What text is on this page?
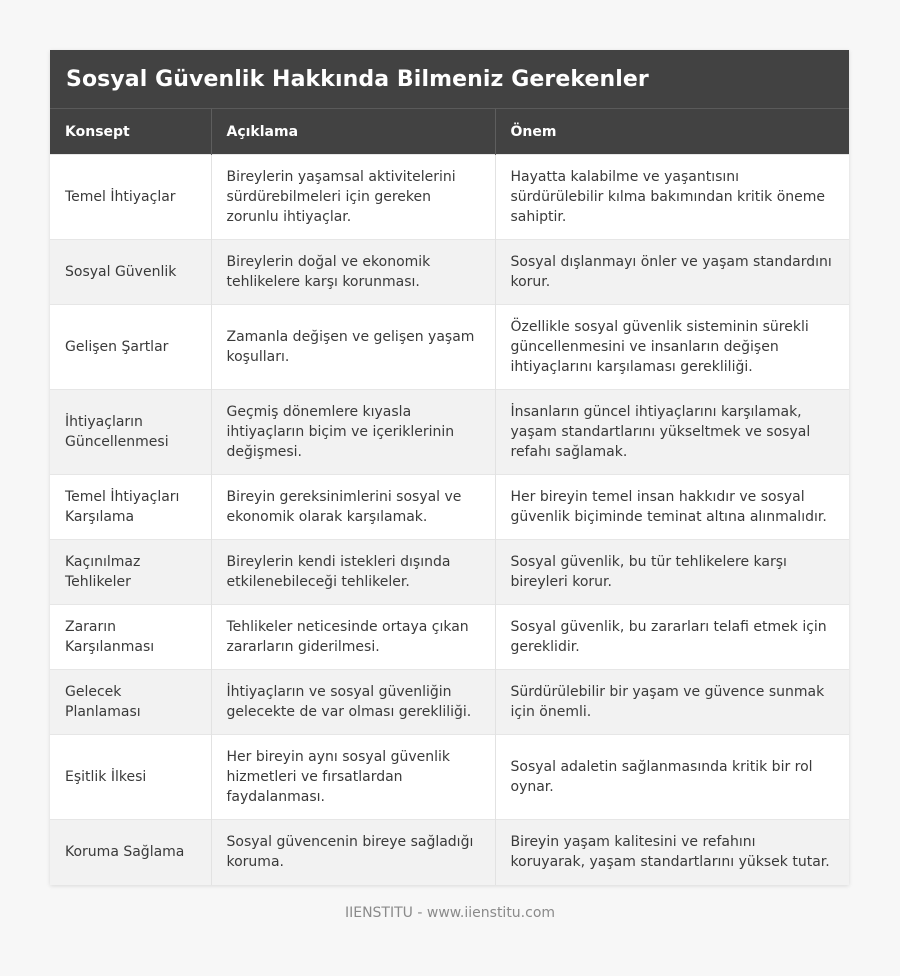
Sosyal Güvenlik Hakkında Bilmeniz Gerekenler
Konsept	Açıklama	Önem
Temel İhtiyaçlar	Bireylerin yaşamsal aktivitelerini sürdürebilmeleri için gereken zorunlu ihtiyaçlar.	Hayatta kalabilme ve yaşantısını sürdürülebilir kılma bakımından kritik öneme sahiptir.
Sosyal Güvenlik	Bireylerin doğal ve ekonomik tehlikelere karşı korunması.	Sosyal dışlanmayı önler ve yaşam standardını korur.
Gelişen Şartlar	Zamanla değişen ve gelişen yaşam koşulları.	Özellikle sosyal güvenlik sisteminin sürekli güncellenmesini ve insanların değişen ihtiyaçlarını karşılaması gerekliliği.
İhtiyaçların Güncellenmesi	Geçmiş dönemlere kıyasla ihtiyaçların biçim ve içeriklerinin değişmesi.	İnsanların güncel ihtiyaçlarını karşılamak, yaşam standartlarını yükseltmek ve sosyal refahı sağlamak.
Temel İhtiyaçları Karşılama	Bireyin gereksinimlerini sosyal ve ekonomik olarak karşılamak.	Her bireyin temel insan hakkıdır ve sosyal güvenlik biçiminde teminat altına alınmalıdır.
Kaçınılmaz Tehlikeler	Bireylerin kendi istekleri dışında etkilenebileceği tehlikeler.	Sosyal güvenlik, bu tür tehlikelere karşı bireyleri korur.
Zararın Karşılanması	Tehlikeler neticesinde ortaya çıkan zararların giderilmesi.	Sosyal güvenlik, bu zararları telafi etmek için gereklidir.
Gelecek Planlaması	İhtiyaçların ve sosyal güvenliğin gelecekte de var olması gerekliliği.	Sürdürülebilir bir yaşam ve güvence sunmak için önemli.
Eşitlik İlkesi	Her bireyin aynı sosyal güvenlik hizmetleri ve fırsatlardan faydalanması.	Sosyal adaletin sağlanmasında kritik bir rol oynar.
Koruma Sağlama	Sosyal güvencenin bireye sağladığı koruma.	Bireyin yaşam kalitesini ve refahını koruyarak, yaşam standartlarını yüksek tutar.
IIENSTITU - www.iienstitu.com
